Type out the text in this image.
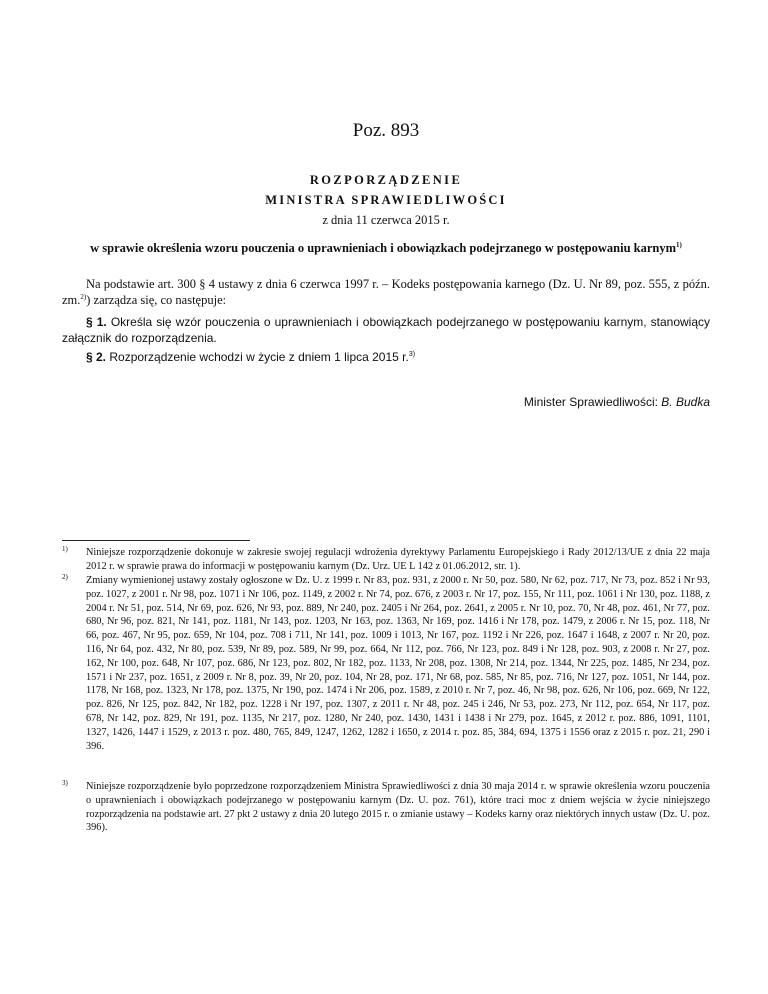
Poz. 893
ROZPORZĄDZENIE
MINISTRA SPRAWIEDLIWOŚCI
z dnia 11 czerwca 2015 r.
w sprawie określenia wzoru pouczenia o uprawnieniach i obowiązkach podejrzanego w postępowaniu karnym$^{1)}$
Na podstawie art. 300 § 4 ustawy z dnia 6 czerwca 1997 r. – Kodeks postępowania karnego (Dz. U. Nr 89, poz. 555, z późn. zm.$^{2)}$) zarządza się, co następuje:
§ 1. Określa się wzór pouczenia o uprawnieniach i obowiązkach podejrzanego w postępowaniu karnym, stanowiący załącznik do rozporządzenia.
§ 2. Rozporządzenie wchodzi w życie z dniem 1 lipca 2015 r.$^{3)}$
Minister Sprawiedliwości: B. Budka
1) Niniejsze rozporządzenie dokonuje w zakresie swojej regulacji wdrożenia dyrektywy Parlamentu Europejskiego i Rady 2012/13/UE z dnia 22 maja 2012 r. w sprawie prawa do informacji w postępowaniu karnym (Dz. Urz. UE L 142 z 01.06.2012, str. 1).
2) Zmiany wymienionej ustawy zostały ogłoszone w Dz. U. z 1999 r. Nr 83, poz. 931, z 2000 r. Nr 50, poz. 580, Nr 62, poz. 717, Nr 73, poz. 852 i Nr 93, poz. 1027, z 2001 r. Nr 98, poz. 1071 i Nr 106, poz. 1149, z 2002 r. Nr 74, poz. 676, z 2003 r. Nr 17, poz. 155, Nr 111, poz. 1061 i Nr 130, poz. 1188, z 2004 r. Nr 51, poz. 514, Nr 69, poz. 626, Nr 93, poz. 889, Nr 240, poz. 2405 i Nr 264, poz. 2641, z 2005 r. Nr 10, poz. 70, Nr 48, poz. 461, Nr 77, poz. 680, Nr 96, poz. 821, Nr 141, poz. 1181, Nr 143, poz. 1203, Nr 163, poz. 1363, Nr 169, poz. 1416 i Nr 178, poz. 1479, z 2006 r. Nr 15, poz. 118, Nr 66, poz. 467, Nr 95, poz. 659, Nr 104, poz. 708 i 711, Nr 141, poz. 1009 i 1013, Nr 167, poz. 1192 i Nr 226, poz. 1647 i 1648, z 2007 r. Nr 20, poz. 116, Nr 64, poz. 432, Nr 80, poz. 539, Nr 89, poz. 589, Nr 99, poz. 664, Nr 112, poz. 766, Nr 123, poz. 849 i Nr 128, poz. 903, z 2008 r. Nr 27, poz. 162, Nr 100, poz. 648, Nr 107, poz. 686, Nr 123, poz. 802, Nr 182, poz. 1133, Nr 208, poz. 1308, Nr 214, poz. 1344, Nr 225, poz. 1485, Nr 234, poz. 1571 i Nr 237, poz. 1651, z 2009 r. Nr 8, poz. 39, Nr 20, poz. 104, Nr 28, poz. 171, Nr 68, poz. 585, Nr 85, poz. 716, Nr 127, poz. 1051, Nr 144, poz. 1178, Nr 168, poz. 1323, Nr 178, poz. 1375, Nr 190, poz. 1474 i Nr 206, poz. 1589, z 2010 r. Nr 7, poz. 46, Nr 98, poz. 626, Nr 106, poz. 669, Nr 122, poz. 826, Nr 125, poz. 842, Nr 182, poz. 1228 i Nr 197, poz. 1307, z 2011 r. Nr 48, poz. 245 i 246, Nr 53, poz. 273, Nr 112, poz. 654, Nr 117, poz. 678, Nr 142, poz. 829, Nr 191, poz. 1135, Nr 217, poz. 1280, Nr 240, poz. 1430, 1431 i 1438 i Nr 279, poz. 1645, z 2012 r. poz. 886, 1091, 1101, 1327, 1426, 1447 i 1529, z 2013 r. poz. 480, 765, 849, 1247, 1262, 1282 i 1650, z 2014 r. poz. 85, 384, 694, 1375 i 1556 oraz z 2015 r. poz. 21, 290 i 396.
3) Niniejsze rozporządzenie było poprzedzone rozporządzeniem Ministra Sprawiedliwości z dnia 30 maja 2014 r. w sprawie określenia wzoru pouczenia o uprawnieniach i obowiązkach podejrzanego w postępowaniu karnym (Dz. U. poz. 761), które traci moc z dniem wejścia w życie niniejszego rozporządzenia na podstawie art. 27 pkt 2 ustawy z dnia 20 lutego 2015 r. o zmianie ustawy – Kodeks karny oraz niektórych innych ustaw (Dz. U. poz. 396).
